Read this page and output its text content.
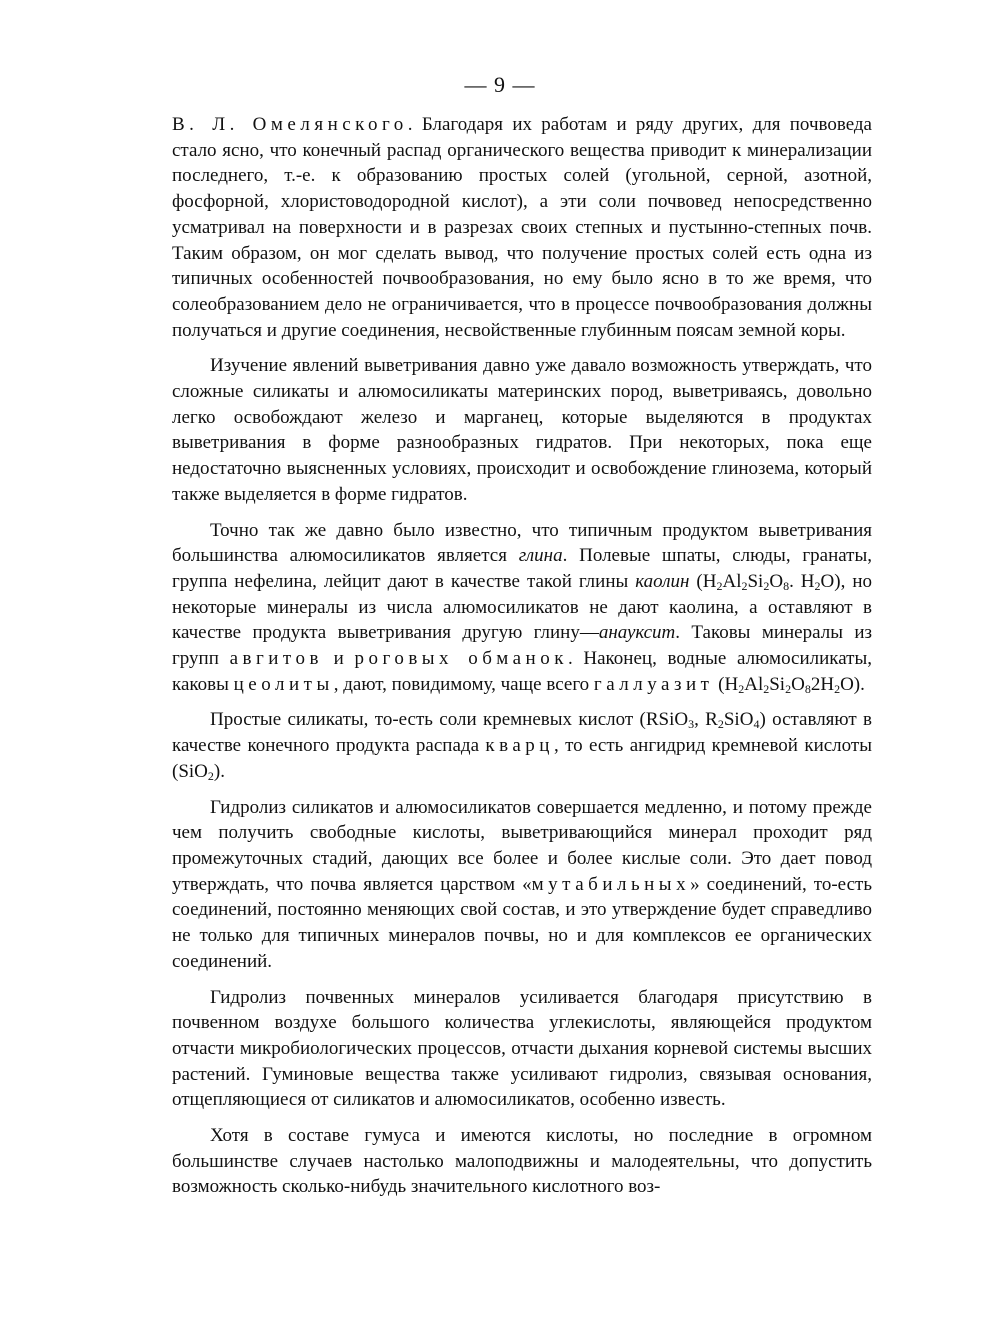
— 9 —

В. Л. Омелянского. Благодаря их работам и ряду других, для почвоведа стало ясно, что конечный распад органического вещества приводит к минерализации последнего, т.-е. к образованию простых солей (угольной, серной, азотной, фосфорной, хлористоводородной кислот), а эти соли почвовед непосредственно усматривал на поверхности и в разрезах своих степных и пустынно-степных почв. Таким образом, он мог сделать вывод, что получение простых солей есть одна из типичных особенностей почвообразования, но ему было ясно в то же время, что солеобразованием дело не ограничивается, что в процессе почвообразования должны получаться и другие соединения, несвойственные глубинным поясам земной коры.

Изучение явлений выветривания давно уже давало возможность утверждать, что сложные силикаты и алюмосиликаты материнских пород, выветриваясь, довольно легко освобождают железо и марганец, которые выделяются в продуктах выветривания в форме разнообразных гидратов. При некоторых, пока еще недостаточно выясненных условиях, происходит и освобождение глинозема, который также выделяется в форме гидратов.

Точно так же давно было известно, что типичным продуктом выветривания большинства алюмосиликатов является глина. Полевые шпаты, слюды, гранаты, группа нефелина, лейцит дают в качестве такой глины каолин ($H_2Al_2Si_2O_8$. $H_2O$), но некоторые минералы из числа алюмосиликатов не дают каолина, а оставляют в качестве продукта выветривания другую глину—анауксит. Таковы минералы из групп авгитов и роговых обманок. Наконец, водные алюмосиликаты, каковы цеолиты, дают, повидимому, чаще всего галлуазит $(H_2Al_2Si_2O_82H_2O)$.

Простые силикаты, то-есть соли кремневых кислот (RSiO$_3$, $R_2SiO_4$) оставляют в качестве конечного продукта распада кварц, то есть ангидрид кремневой кислоты (SiO$_2$).

Гидролиз силикатов и алюмосиликатов совершается медленно, и потому прежде чем получить свободные кислоты, выветривающийся минерал проходит ряд промежуточных стадий, дающих все более и более кислые соли. Это дает повод утверждать, что почва является царством «мутабильных» соединений, то-есть соединений, постоянно меняющих свой состав, и это утверждение будет справедливо не только для типичных минералов почвы, но и для комплексов ее органических соединений.

Гидролиз почвенных минералов усиливается благодаря присутствию в почвенном воздухе большого количества углекислоты, являющейся продуктом отчасти микробиологических процессов, отчасти дыхания корневой системы высших растений. Гуминовые вещества также усиливают гидролиз, связывая основания, отщепляющиеся от силикатов и алюмосиликатов, особенно известь.

Хотя в составе гумуса и имеются кислоты, но последние в огромном большинстве случаев настолько малоподвижны и малодеятельны, что допустить возможность сколько-нибудь значительного кислотного воз-
